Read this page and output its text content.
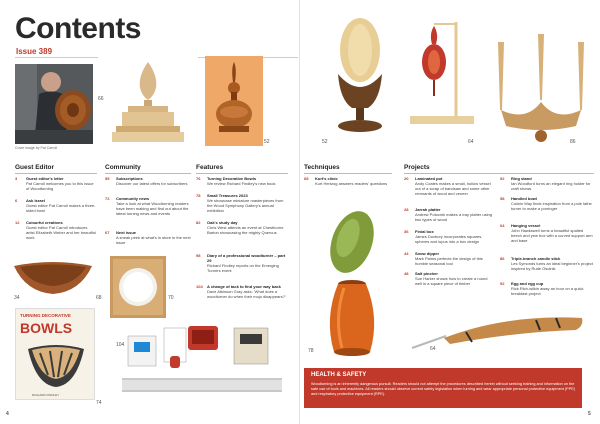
Contents
Issue 389
Cover image by Pat Carroll
66
52
Guest Editor
3 Guest editor's letter
Pat Carroll welcomes you to this issue of Woodturning
6 Ask Israel
Guest editor Pat Carroll makes a three-sided bowl
12 Colourful creations
Guest editor Pat Carroll introduces artist Elizabeth Weber and her beautiful work
Community
55 Subscriptions
Discover our latest offers for subscribers
72 Community news
Take a look at what Woodturning readers have been making and find out about the latest turning news and events
67 Next issue
A sneak peek at what's in store in the next issue
Features
76 Turning Decorative Bowls
We review Richard Findley's new book
78 Small Treasures 2023
We showcase miniature masterpieces from the Wood Symphony Gallery's annual exhibition
82 Oak's study day
Chris West attends an event at Chesthorne Barton showcasing the mighty Quercus
98 Diary of a professional woodturner – part 29
Richard Findley reports on the Emerging Turners event
104 A change of tack to find your way back
Dave Atkinson Gray asks: 'What does a woodturner do when their mojo disappears?'
34	68	70
TURNING DECORATIVE
BOWLS
RICHARD FINDLEY
74
104
4
52	64	86
Techniques
68 Kurt's clinic
Kurt Hertzog answers readers' questions
78
Projects
20 Laminated pot
Andy Coates makes a small, hollow vessel out of a scrap of bandsaw and some other remnants of wood and veneer
28 Jarrah platter
Andrew Potocnik makes a tray platter using two types of wood
36 Finial box
James Duxbury incorporates squares, spheres and lupus into a box design
44 Snow dipper
Mark Palms perfects the design of this humble seasonal tool
48 Salt pincher
Sue Harker shows how to create a round well in a square piece of timber
52 Ring stand
Ian Woodford turns an elegant ring holder for craft shows
58 Handled bowl
Colwin Way finds inspiration from a pole lathe turner to make a porringer
64 Hanging vessel
John Hawkswell turns a beautiful spalted beech and yew box with a curved support arm and base
86 Triple-branch candle stick
Les Symonds turns an ideal beginner's project inspired by Rude Osolnik
92 Egg and egg cup
Rick Rich-wilkin away an hour on a quick breakfast project
64
5
HEALTH & SAFETY
Woodturning is an inherently dangerous pursuit. Readers should not attempt the procedures described herein without seeking training and information on the safe use of tools and machines. All readers should observe current safety legislation when turning and wear appropriate personal protective equipment (PPE) and respiratory protective equipment (RPE).
